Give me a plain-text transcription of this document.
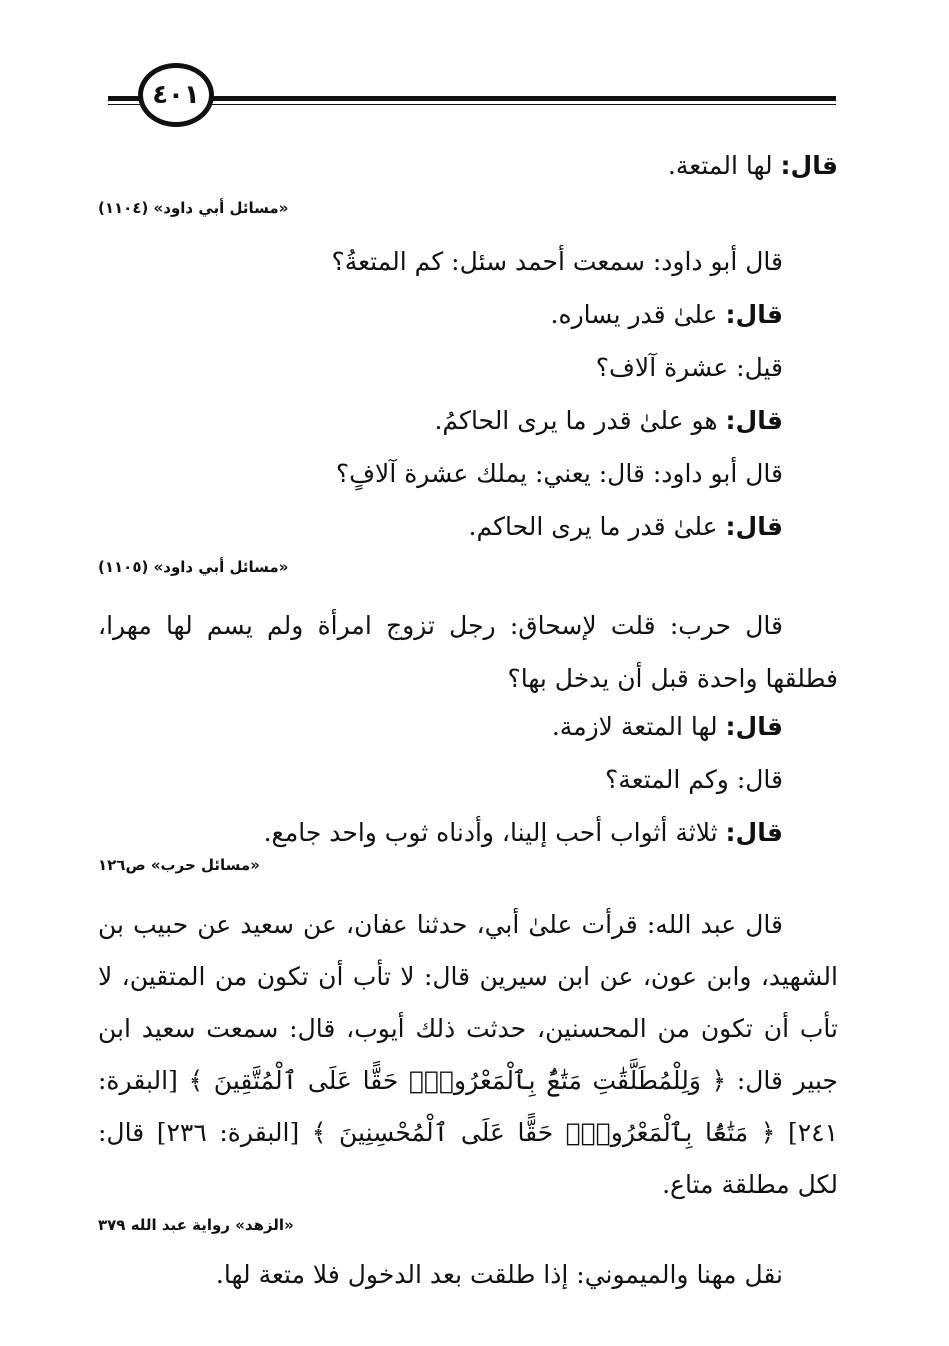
٤٠١

قال: لها المتعة.

«مسائل أبي داود» (١١٠٤)

قال أبو داود: سمعت أحمد سئل: كم المتعةُ؟

قال: علىٰ قدر يساره.

قيل: عشرة آلاف؟

قال: هو علىٰ قدر ما يرى الحاكمُ.

قال أبو داود: قال: يعني: يملك عشرة آلافٍ؟

قال: علىٰ قدر ما يرى الحاكم.

«مسائل أبي داود» (١١٠٥)

قال حرب: قلت لإسحاق: رجل تزوج امرأة ولم يسم لها مهرا، فطلقها واحدة قبل أن يدخل بها؟

قال: لها المتعة لازمة.

قال: وكم المتعة؟

قال: ثلاثة أثواب أحب إلينا، وأدناه ثوب واحد جامع.

«مسائل حرب» ص١٢٦

قال عبد الله: قرأت علىٰ أبي، حدثنا عفان، عن سعيد عن حبيب بن الشهيد، وابن عون، عن ابن سيرين قال: لا تأب أن تكون من المتقين، لا تأب أن تكون من المحسنين، حدثت ذلك أيوب، قال: سمعت سعيد ابن جبير قال: ﴿ وَلِلْمُطَلَّقَٰتِ مَتَٰعٌۢ بِٱلْمَعْرُوفِۖ حَقًّا عَلَى ٱلْمُتَّقِينَ ﴾ [البقرة: ٢٤١] ﴿ مَتَٰعًۢا بِٱلْمَعْرُوفِۖ حَقًّا عَلَى ٱلْمُحْسِنِينَ ﴾ [البقرة: ٢٣٦] قال: لكل مطلقة متاع.

«الزهد» رواية عبد الله ٣٧٩

نقل مهنا والميموني: إذا طلقت بعد الدخول فلا متعة لها.
